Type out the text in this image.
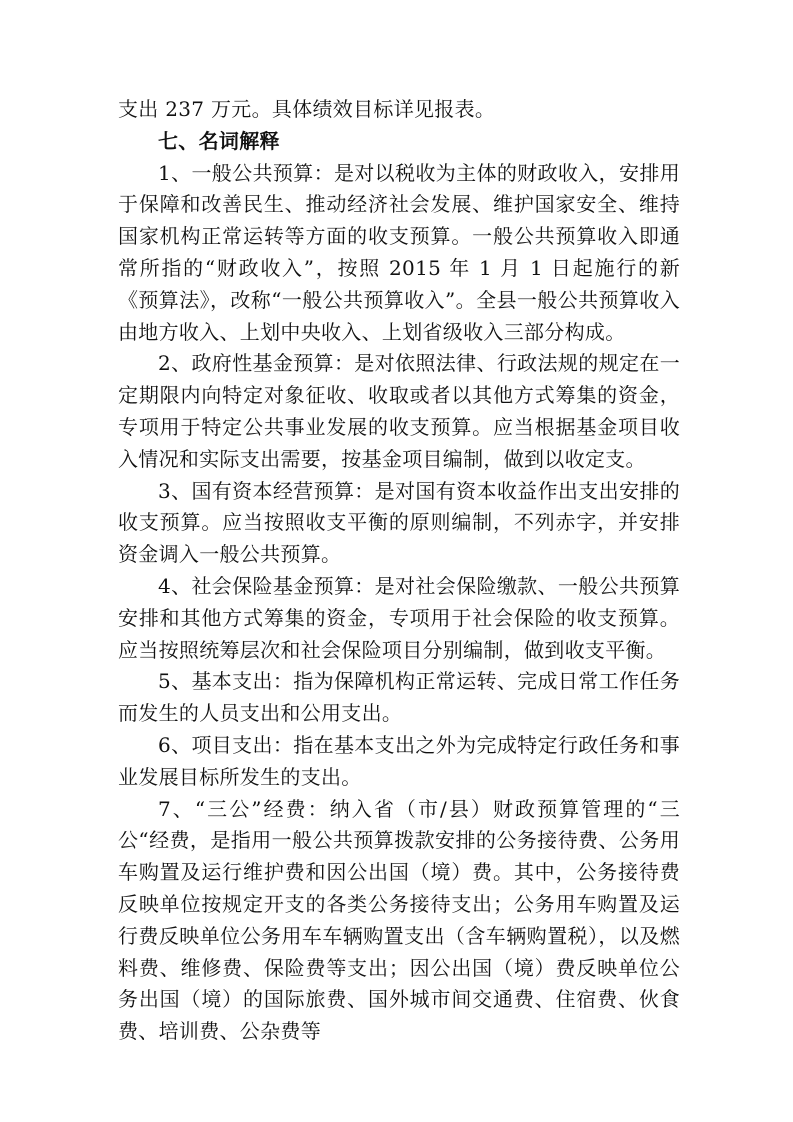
支出 237 万元。具体绩效目标详见报表。

七、名词解释

1、一般公共预算：是对以税收为主体的财政收入，安排用于保障和改善民生、推动经济社会发展、维护国家安全、维持国家机构正常运转等方面的收支预算。一般公共预算收入即通常所指的“财政收入”，按照 2015 年 1 月 1 日起施行的新《预算法》，改称“一般公共预算收入”。全县一般公共预算收入由地方收入、上划中央收入、上划省级收入三部分构成。

2、政府性基金预算：是对依照法律、行政法规的规定在一定期限内向特定对象征收、收取或者以其他方式筹集的资金，专项用于特定公共事业发展的收支预算。应当根据基金项目收入情况和实际支出需要，按基金项目编制，做到以收定支。

3、国有资本经营预算：是对国有资本收益作出支出安排的收支预算。应当按照收支平衡的原则编制，不列赤字，并安排资金调入一般公共预算。

4、社会保险基金预算：是对社会保险缴款、一般公共预算安排和其他方式筹集的资金，专项用于社会保险的收支预算。应当按照统筹层次和社会保险项目分别编制，做到收支平衡。

5、基本支出：指为保障机构正常运转、完成日常工作任务而发生的人员支出和公用支出。

6、项目支出：指在基本支出之外为完成特定行政任务和事业发展目标所发生的支出。

7、“三公”经费：纳入省（市/县）财政预算管理的“三公“经费，是指用一般公共预算拨款安排的公务接待费、公务用车购置及运行维护费和因公出国（境）费。其中，公务接待费反映单位按规定开支的各类公务接待支出；公务用车购置及运行费反映单位公务用车车辆购置支出（含车辆购置税），以及燃料费、维修费、保险费等支出；因公出国（境）费反映单位公务出国（境）的国际旅费、国外城市间交通费、住宿费、伙食费、培训费、公杂费等
